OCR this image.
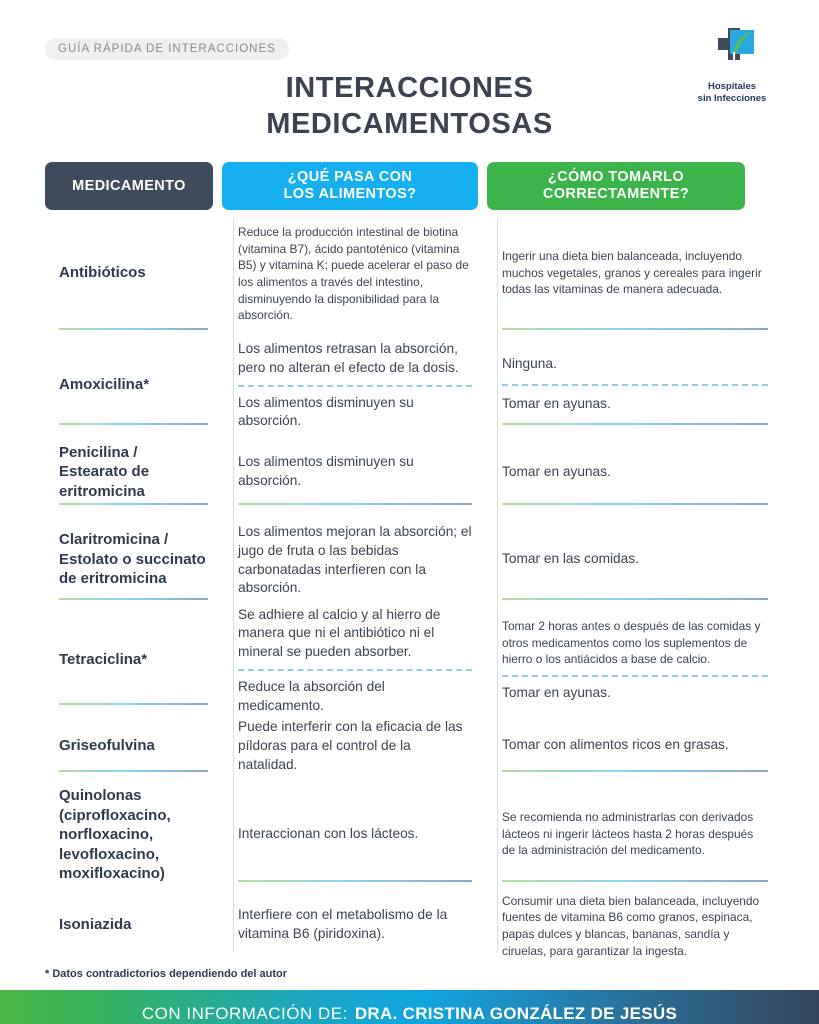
GUÍA RÁPIDA DE INTERACCIONES
INTERACCIONES
MEDICAMENTOSAS
Hospitales
sin Infecciones
MEDICAMENTO
¿QUÉ PASA CON
LOS ALIMENTOS?
¿CÓMO TOMARLO
CORRECTAMENTE?
Antibióticos
Reduce la producción intestinal de biotina (vitamina B7), ácido pantoténico (vitamina B5) y vitamina K; puede acelerar el paso de los alimentos a través del intestino, disminuyendo la disponibilidad para la absorción.
Ingerir una dieta bien balanceada, incluyendo muchos vegetales, granos y cereales para ingerir todas las vitaminas de manera adecuada.
Amoxicilina*
Los alimentos retrasan la absorción, pero no alteran el efecto de la dosis.
Los alimentos disminuyen su absorción.
Ninguna.
Tomar en ayunas.
Penicilina / Estearato de eritromicina
Los alimentos disminuyen su absorción.
Tomar en ayunas.
Claritromicina / Estolato o succinato de eritromicina
Los alimentos mejoran la absorción; el jugo de fruta o las bebidas carbonatadas interfieren con la absorción.
Tomar en las comidas.
Tetraciclina*
Se adhiere al calcio y al hierro de manera que ni el antibiótico ni el mineral se pueden absorber.
Reduce la absorción del medicamento.
Tomar 2 horas antes o después de las comidas y otros medicamentos como los suplementos de hierro o los antiácidos a base de calcio.
Tomar en ayunas.
Griseofulvina
Puede interferir con la eficacia de las píldoras para el control de la natalidad.
Tomar con alimentos ricos en grasas.
Quinolonas
(ciprofloxacino, norfloxacino, levofloxacino, moxifloxacino)
Interaccionan con los lácteos.
Se recomienda no administrarlas con derivados lácteos ni ingerir lácteos hasta 2 horas después de la administración del medicamento.
Isoniazida
Interfiere con el metabolismo de la vitamina B6 (piridoxina).
Consumir una dieta bien balanceada, incluyendo fuentes de vitamina B6 como granos, espinaca, papas dulces y blancas, bananas, sandía y ciruelas, para garantizar la ingesta.
* Datos contradictorios dependiendo del autor
CON INFORMACIÓN DE: DRA. CRISTINA GONZÁLEZ DE JESÚS
